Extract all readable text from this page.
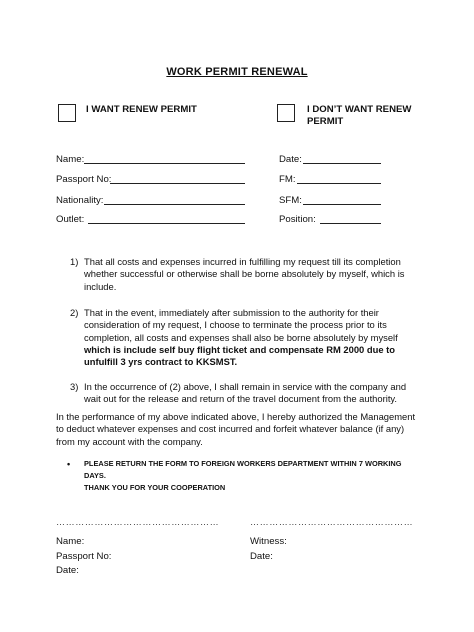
WORK PERMIT RENEWAL
I WANT RENEW PERMIT	I DON’T WANT RENEW
PERMIT
Name:
Passport No:
Nationality:
Outlet:
Date:
FM:
SFM:
Position:
1) That all costs and expenses incurred in fulfilling my request till its completion
whether successful or otherwise shall be borne absolutely by myself, which is
include.
2) That in the event, immediately after submission to the authority for their
consideration of my request, I choose to terminate the process prior to its
completion, all costs and expenses shall also be borne absolutely by myself
which is include self buy flight ticket and compensate RM 2000 due to
unfulfill 3 yrs contract to KKSMST.
3) In the occurrence of (2) above, I shall remain in service with the company and
wait out for the release and return of the travel document from the authority.
In the performance of my above indicated above, I hereby authorized the Management
to deduct whatever expenses and cost incurred and forfeit whatever balance (if any)
from my account with the company.
• PLEASE RETURN THE FORM TO FOREIGN WORKERS DEPARTMENT WITHIN 7 WORKING DAYS.
THANK YOU FOR YOUR COOPERATION
……………………………………………	……………………………………………
Name:
Passport No:
Date:
Witness:
Date:
